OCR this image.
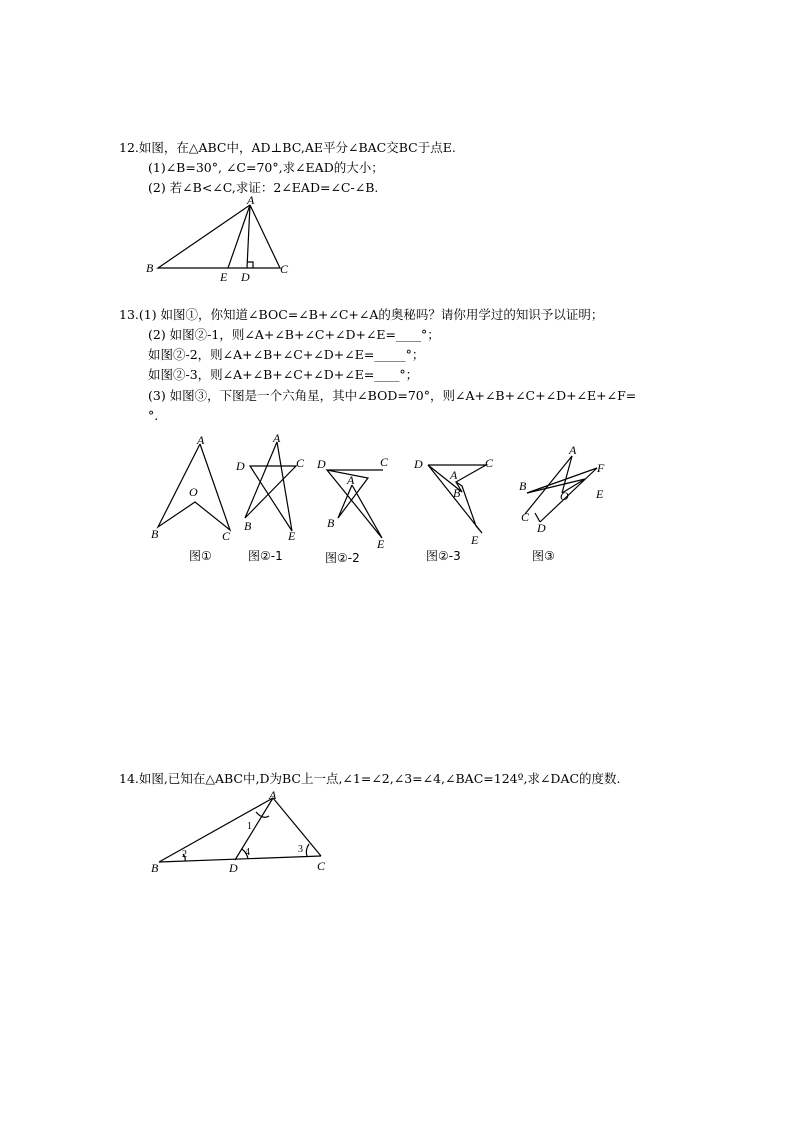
12.如图，在△ABC中，AD⊥BC,AE平分∠BAC交BC于点E.
(1)∠B=30°, ∠C=70°,求∠EAD的大小；
(2) 若∠B<∠C,求证：2∠EAD=∠C-∠B.
A
B	C
D
E
13.(1) 如图①，你知道∠BOC=∠B+∠C+∠A的奥秘吗？请你用学过的知识予以证明；
(2) 如图②-1，则∠A+∠B+∠C+∠D+∠E=____°；
如图②-2，则∠A+∠B+∠C+∠D+∠E=_____°；
如图②-3，则∠A+∠B+∠C+∠D+∠E=____°；
(3) 如图③，下图是一个六角星，其中∠BOD=70°，则∠A+∠B+∠C+∠D+∠E+∠F=
°.
A
B	C
O
图①
A
B
C
D
E
图②-1
A
B
C
D
E
图②-2
A
B
C
D
E
图②-3
A
B
C
D
E
F
O
图③
14.如图,已知在△ABC中,D为BC上一点,∠1=∠2,∠3=∠4,∠BAC=124º,求∠DAC的度数.
A
B	C
D
1
2	3
4
